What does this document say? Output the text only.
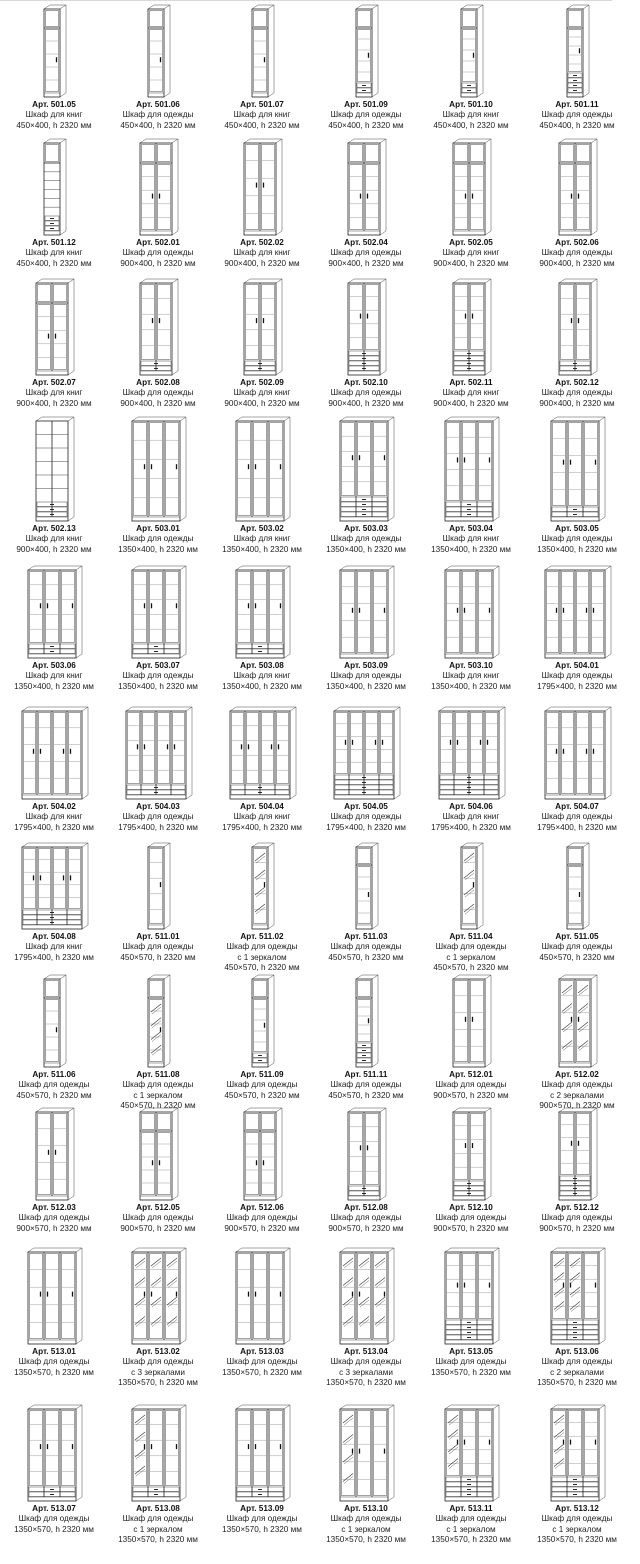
Арт. 501.05
Шкаф для книг
450×400, h 2320 мм
Арт. 501.06
Шкаф для одежды
450×400, h 2320 мм
Арт. 501.07
Шкаф для книг
450×400, h 2320 мм
Арт. 501.09
Шкаф для одежды
450×400, h 2320 мм
Арт. 501.10
Шкаф для книг
450×400, h 2320 мм
Арт. 501.11
Шкаф для одежды
450×400, h 2320 мм
Арт. 501.12
Шкаф для книг
450×400, h 2320 мм
Арт. 502.01
Шкаф для одежды
900×400, h 2320 мм
Арт. 502.02
Шкаф для книг
900×400, h 2320 мм
Арт. 502.04
Шкаф для одежды
900×400, h 2320 мм
Арт. 502.05
Шкаф для книг
900×400, h 2320 мм
Арт. 502.06
Шкаф для одежды
900×400, h 2320 мм
Арт. 502.07
Шкаф для книг
900×400, h 2320 мм
Арт. 502.08
Шкаф для одежды
900×400, h 2320 мм
Арт. 502.09
Шкаф для книг
900×400, h 2320 мм
Арт. 502.10
Шкаф для одежды
900×400, h 2320 мм
Арт. 502.11
Шкаф для книг
900×400, h 2320 мм
Арт. 502.12
Шкаф для одежды
900×400, h 2320 мм
Арт. 502.13
Шкаф для книг
900×400, h 2320 мм
Арт. 503.01
Шкаф для одежды
1350×400, h 2320 мм
Арт. 503.02
Шкаф для книг
1350×400, h 2320 мм
Арт. 503.03
Шкаф для одежды
1350×400, h 2320 мм
Арт. 503.04
Шкаф для книг
1350×400, h 2320 мм
Арт. 503.05
Шкаф для одежды
1350×400, h 2320 мм
Арт. 503.06
Шкаф для книг
1350×400, h 2320 мм
Арт. 503.07
Шкаф для одежды
1350×400, h 2320 мм
Арт. 503.08
Шкаф для книг
1350×400, h 2320 мм
Арт. 503.09
Шкаф для одежды
1350×400, h 2320 мм
Арт. 503.10
Шкаф для книг
1350×400, h 2320 мм
Арт. 504.01
Шкаф для одежды
1795×400, h 2320 мм
Арт. 504.02
Шкаф для книг
1795×400, h 2320 мм
Арт. 504.03
Шкаф для одежды
1795×400, h 2320 мм
Арт. 504.04
Шкаф для книг
1795×400, h 2320 мм
Арт. 504.05
Шкаф для одежды
1795×400, h 2320 мм
Арт. 504.06
Шкаф для книг
1795×400, h 2320 мм
Арт. 504.07
Шкаф для одежды
1795×400, h 2320 мм
Арт. 504.08
Шкаф для книг
1795×400, h 2320 мм
Арт. 511.01
Шкаф для одежды
450×570, h 2320 мм
Арт. 511.02
Шкаф для одежды
с 1 зеркалом
450×570, h 2320 мм
Арт. 511.03
Шкаф для одежды
450×570, h 2320 мм
Арт. 511.04
Шкаф для одежды
с 1 зеркалом
450×570, h 2320 мм
Арт. 511.05
Шкаф для одежды
450×570, h 2320 мм
Арт. 511.06
Шкаф для одежды
450×570, h 2320 мм
Арт. 511.08
Шкаф для одежды
с 1 зеркалом
450×570, h 2320 мм
Арт. 511.09
Шкаф для одежды
450×570, h 2320 мм
Арт. 511.11
Шкаф для одежды
450×570, h 2320 мм
Арт. 512.01
Шкаф для одежды
900×570, h 2320 мм
Арт. 512.02
Шкаф для одежды
с 2 зеркалами
900×570, h 2320 мм
Арт. 512.03
Шкаф для одежды
900×570, h 2320 мм
Арт. 512.05
Шкаф для одежды
900×570, h 2320 мм
Арт. 512.06
Шкаф для одежды
900×570, h 2320 мм
Арт. 512.08
Шкаф для одежды
900×570, h 2320 мм
Арт. 512.10
Шкаф для одежды
900×570, h 2320 мм
Арт. 512.12
Шкаф для одежды
900×570, h 2320 мм
Арт. 513.01
Шкаф для одежды
1350×570, h 2320 мм
Арт. 513.02
Шкаф для одежды
с 3 зеркалами
1350×570, h 2320 мм
Арт. 513.03
Шкаф для одежды
1350×570, h 2320 мм
Арт. 513.04
Шкаф для одежды
с 3 зеркалами
1350×570, h 2320 мм
Арт. 513.05
Шкаф для одежды
1350×570, h 2320 мм
Арт. 513.06
Шкаф для одежды
с 2 зеркалами
1350×570, h 2320 мм
Арт. 513.07
Шкаф для одежды
1350×570, h 2320 мм
Арт. 513.08
Шкаф для одежды
с 1 зеркалом
1350×570, h 2320 мм
Арт. 513.09
Шкаф для одежды
1350×570, h 2320 мм
Арт. 513.10
Шкаф для одежды
с 1 зеркалом
1350×570, h 2320 мм
Арт. 513.11
Шкаф для одежды
с 1 зеркалом
1350×570, h 2320 мм
Арт. 513.12
Шкаф для одежды
с 1 зеркалом
1350×570, h 2320 мм
